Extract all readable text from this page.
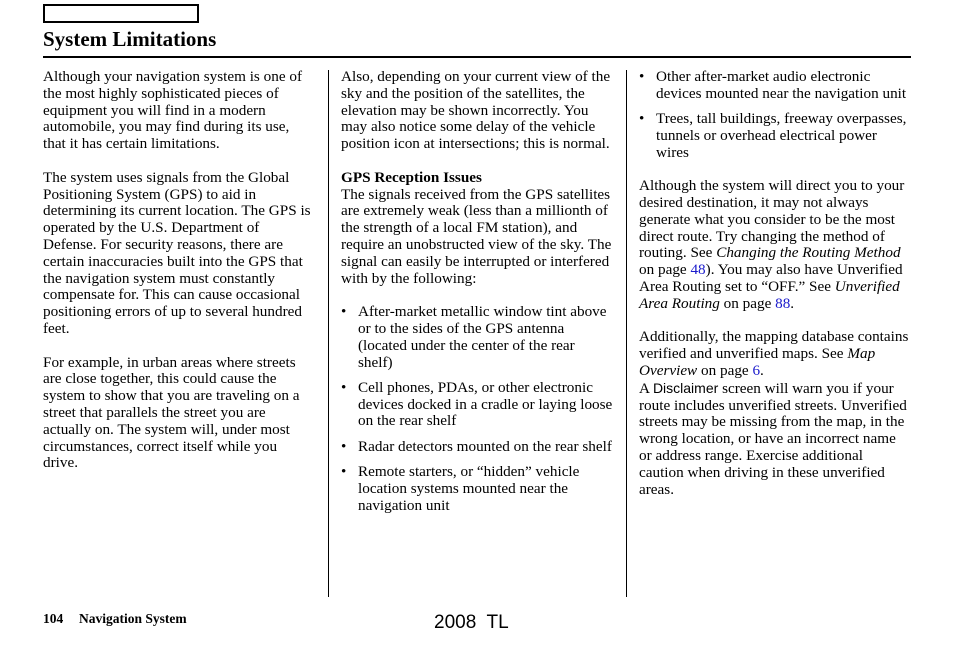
System Limitations

Although your navigation system is one of the most highly sophisticated pieces of equipment you will find in a modern automobile, you may find during its use, that it has certain limitations.

The system uses signals from the Global Positioning System (GPS) to aid in determining its current location. The GPS is operated by the U.S. Department of Defense. For security reasons, there are certain inaccuracies built into the GPS that the navigation system must constantly compensate for. This can cause occasional positioning errors of up to several hundred feet.

For example, in urban areas where streets are close together, this could cause the system to show that you are traveling on a street that parallels the street you are actually on. The system will, under most circumstances, correct itself while you drive.

Also, depending on your current view of the sky and the position of the satellites, the elevation may be shown incorrectly. You may also notice some delay of the vehicle position icon at intersections; this is normal.

GPS Reception Issues

The signals received from the GPS satellites are extremely weak (less than a millionth of the strength of a local FM station), and require an unobstructed view of the sky. The signal can easily be interrupted or interfered with by the following:

• After-market metallic window tint above or to the sides of the GPS antenna (located under the center of the rear shelf)
• Cell phones, PDAs, or other electronic devices docked in a cradle or laying loose on the rear shelf
• Radar detectors mounted on the rear shelf
• Remote starters, or “hidden” vehicle location systems mounted near the navigation unit
• Other after-market audio electronic devices mounted near the navigation unit
• Trees, tall buildings, freeway overpasses, tunnels or overhead electrical power wires

Although the system will direct you to your desired destination, it may not always generate what you consider to be the most direct route. Try changing the method of routing. See Changing the Routing Method on page 48). You may also have Unverified Area Routing set to “OFF.” See Unverified Area Routing on page 88.

Additionally, the mapping database contains verified and unverified maps. See Map Overview on page 6.
A Disclaimer screen will warn you if your route includes unverified streets. Unverified streets may be missing from the map, in the wrong location, or have an incorrect name or address range. Exercise additional caution when driving in these unverified areas.

104 Navigation System	2008  TL
